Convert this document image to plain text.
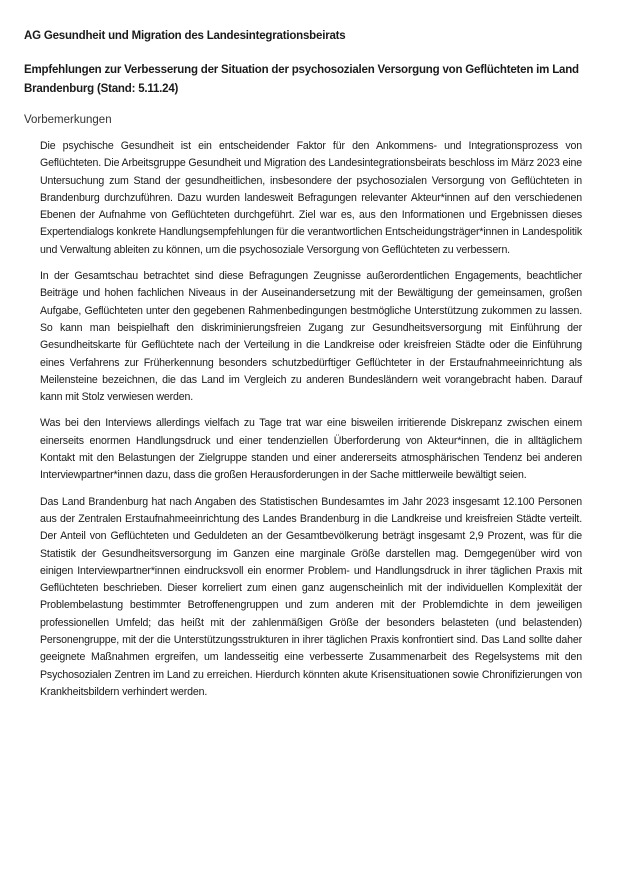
AG Gesundheit und Migration des Landesintegrationsbeirats
Empfehlungen zur Verbesserung der Situation der psychosozialen Versorgung von Geflüchteten im Land Brandenburg (Stand: 5.11.24)
Vorbemerkungen

Die psychische Gesundheit ist ein entscheidender Faktor für den Ankommens- und Integrationsprozess von Geflüchteten. Die Arbeitsgruppe Gesundheit und Migration des Landesintegrationsbeirats beschloss im März 2023 eine Untersuchung zum Stand der gesundheitlichen, insbesondere der psychosozialen Versorgung von Geflüchteten in Brandenburg durchzuführen. Dazu wurden landesweit Befragungen relevanter Akteur*innen auf den verschiedenen Ebenen der Aufnahme von Geflüchteten durchgeführt. Ziel war es, aus den Informationen und Ergebnissen dieses Expertendialogs konkrete Handlungsempfehlungen für die verantwortlichen Entscheidungsträger*innen in Landespolitik und Verwaltung ableiten zu können, um die psychosoziale Versorgung von Geflüchteten zu verbessern.

In der Gesamtschau betrachtet sind diese Befragungen Zeugnisse außerordentlichen Engagements, beachtlicher Beiträge und hohen fachlichen Niveaus in der Auseinandersetzung mit der Bewältigung der gemeinsamen, großen Aufgabe, Geflüchteten unter den gegebenen Rahmenbedingungen bestmögliche Unterstützung zukommen zu lassen. So kann man beispielhaft den diskriminierungsfreien Zugang zur Gesundheitsversorgung mit Einführung der Gesundheitskarte für Geflüchtete nach der Verteilung in die Landkreise oder kreisfreien Städte oder die Einführung eines Verfahrens zur Früherkennung besonders schutzbedürftiger Geflüchteter in der Erstaufnahmeeinrichtung als Meilensteine bezeichnen, die das Land im Vergleich zu anderen Bundesländern weit vorangebracht haben. Darauf kann mit Stolz verwiesen werden.

Was bei den Interviews allerdings vielfach zu Tage trat war eine bisweilen irritierende Diskrepanz zwischen einem einerseits enormen Handlungsdruck und einer tendenziellen Überforderung von Akteur*innen, die in alltäglichem Kontakt mit den Belastungen der Zielgruppe standen und einer andererseits atmosphärischen Tendenz bei anderen Interviewpartner*innen dazu, dass die großen Herausforderungen in der Sache mittlerweile bewältigt seien.

Das Land Brandenburg hat nach Angaben des Statistischen Bundesamtes im Jahr 2023 insgesamt 12.100 Personen aus der Zentralen Erstaufnahmeeinrichtung des Landes Brandenburg in die Landkreise und kreisfreien Städte verteilt. Der Anteil von Geflüchteten und Geduldeten an der Gesamtbevölkerung beträgt insgesamt 2,9 Prozent, was für die Statistik der Gesundheitsversorgung im Ganzen eine marginale Größe darstellen mag. Demgegenüber wird von einigen Interviewpartner*innen eindrucksvoll ein enormer Problem- und Handlungsdruck in ihrer täglichen Praxis mit Geflüchteten beschrieben. Dieser korreliert zum einen ganz augenscheinlich mit der individuellen Komplexität der Problembelastung bestimmter Betroffenengruppen und zum anderen mit der Problemdichte in dem jeweiligen professionellen Umfeld; das heißt mit der zahlenmäßigen Größe der besonders belasteten (und belastenden) Personengruppe, mit der die Unterstützungsstrukturen in ihrer täglichen Praxis konfrontiert sind. Das Land sollte daher geeignete Maßnahmen ergreifen, um landesseitig eine verbesserte Zusammenarbeit des Regelsystems mit den Psychosozialen Zentren im Land zu erreichen. Hierdurch könnten akute Krisensituationen sowie Chronifizierungen von Krankheitsbildern verhindert werden.
